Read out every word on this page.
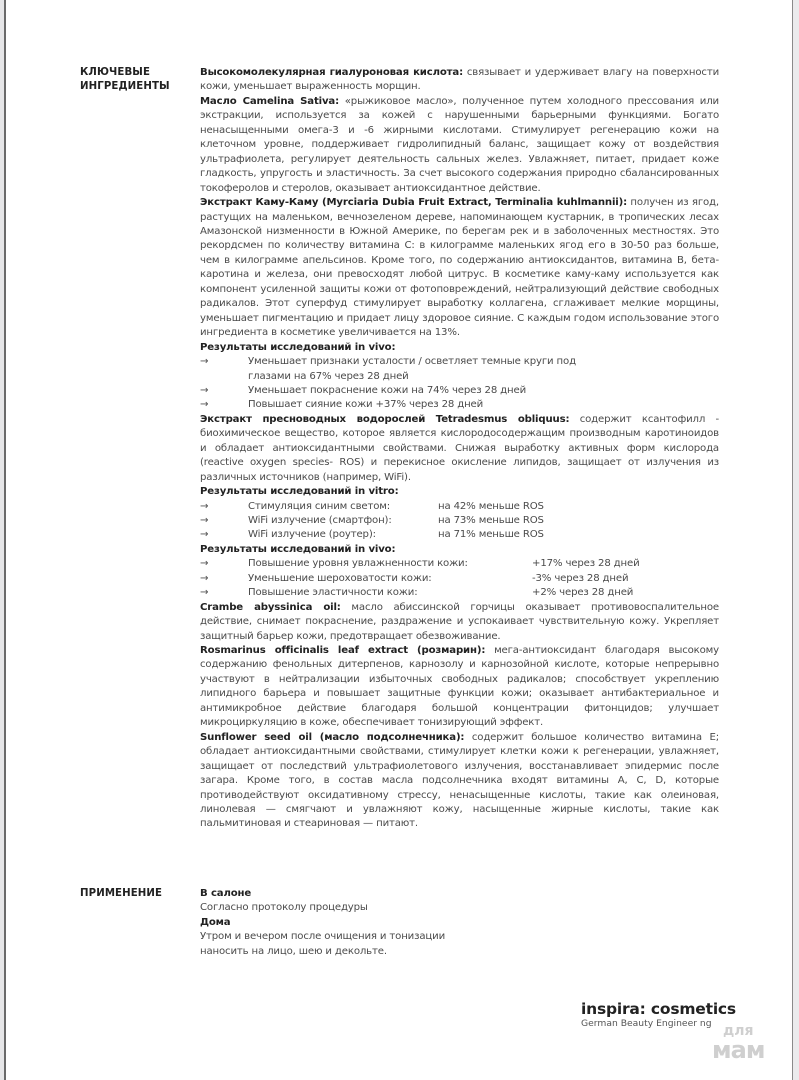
КЛЮЧЕВЫЕ ИНГРЕДИЕНТЫ

Высокомолекулярная гиалуроновая кислота: связывает и удерживает влагу на поверхности кожи, уменьшает выраженность морщин.

Масло Camelina Sativa: «рыжиковое масло», полученное путем холодного прессования или экстракции, используется за кожей с нарушенными барьерными функциями. Богато ненасыщенными омега-3 и -6 жирными кислотами. Стимулирует регенерацию кожи на клеточном уровне, поддерживает гидролипидный баланс, защищает кожу от воздействия ультрафиолета, регулирует деятельность сальных желез. Увлажняет, питает, придает коже гладкость, упругость и эластичность. За счет высокого содержания природно сбалансированных токоферолов и стеролов, оказывает антиоксидантное действие.

Экстракт Каму-Каму (Myrciaria Dubia Fruit Extract, Terminalia kuhlmannii): получен из ягод, растущих на маленьком, вечнозеленом дереве, напоминающем кустарник, в тропических лесах Амазонской низменности в Южной Америке, по берегам рек и в заболоченных местностях. Это рекордсмен по количеству витамина C: в килограмме маленьких ягод его в 30-50 раз больше, чем в килограмме апельсинов. Кроме того, по содержанию антиоксидантов, витамина B, бета-каротина и железа, они превосходят любой цитрус. В косметике каму-каму используется как компонент усиленной защиты кожи от фотоповреждений, нейтрализующий действие свободных радикалов. Этот суперфуд стимулирует выработку коллагена, сглаживает мелкие морщины, уменьшает пигментацию и придает лицу здоровое сияние. С каждым годом использование этого ингредиента в косметике увеличивается на 13%.

Результаты исследований in vivo:
→	Уменьшает признаки усталости / осветляет темные круги под глазами на 67% через 28 дней
→	Уменьшает покраснение кожи на 74% через 28 дней
→	Повышает сияние кожи +37% через 28 дней

Экстракт пресноводных водорослей Tetradesmus obliquus: содержит ксантофилл - биохимическое вещество, которое является кислородосодержащим производным каротиноидов и обладает антиоксидантными свойствами. Снижая выработку активных форм кислорода (reactive oxygen species- ROS) и перекисное окисление липидов, защищает от излучения из различных источников (например, WiFi).

Результаты исследований in vitro:
→	Стимуляция синим светом:	на 42% меньше ROS
→	WiFi излучение (смартфон):	на 73% меньше ROS
→	WiFi излучение (роутер):	на 71% меньше ROS
Результаты исследований in vivo:
→	Повышение уровня увлажненности кожи:	+17% через 28 дней
→	Уменьшение шероховатости кожи:	-3% через 28 дней
→	Повышение эластичности кожи:	+2% через 28 дней

Crambe abyssinica oil: масло абиссинской горчицы оказывает противовоспалительное действие, снимает покраснение, раздражение и успокаивает чувствительную кожу. Укрепляет защитный барьер кожи, предотвращает обезвоживание.

Rosmarinus officinalis leaf extract (розмарин): мега-антиоксидант благодаря высокому содержанию фенольных дитерпенов, карнозолу и карнозойной кислоте, которые непрерывно участвуют в нейтрализации избыточных свободных радикалов; способствует укреплению липидного барьера и повышает защитные функции кожи; оказывает антибактериальное и антимикробное действие благодаря большой концентрации фитонцидов; улучшает микроциркуляцию в коже, обеспечивает тонизирующий эффект.

Sunflower seed oil (масло подсолнечника): содержит большое количество витамина E; обладает антиоксидантными свойствами, стимулирует клетки кожи к регенерации, увлажняет, защищает от последствий ультрафиолетового излучения, восстанавливает эпидермис после загара. Кроме того, в состав масла подсолнечника входят витамины A, C, D, которые противодействуют оксидативному стрессу, ненасыщенные кислоты, такие как олеиновая, линолевая — смягчают и увлажняют кожу, насыщенные жирные кислоты, такие как пальмитиновая и стеариновая — питают.

ПРИМЕНЕНИЕ	В салоне
Согласно протоколу процедуры
Дома
Утром и вечером после очищения и тонизации
наносить на лицо, шею и декольте.
inspira: cosmetics
German Beauty Engineer ng для
мам
